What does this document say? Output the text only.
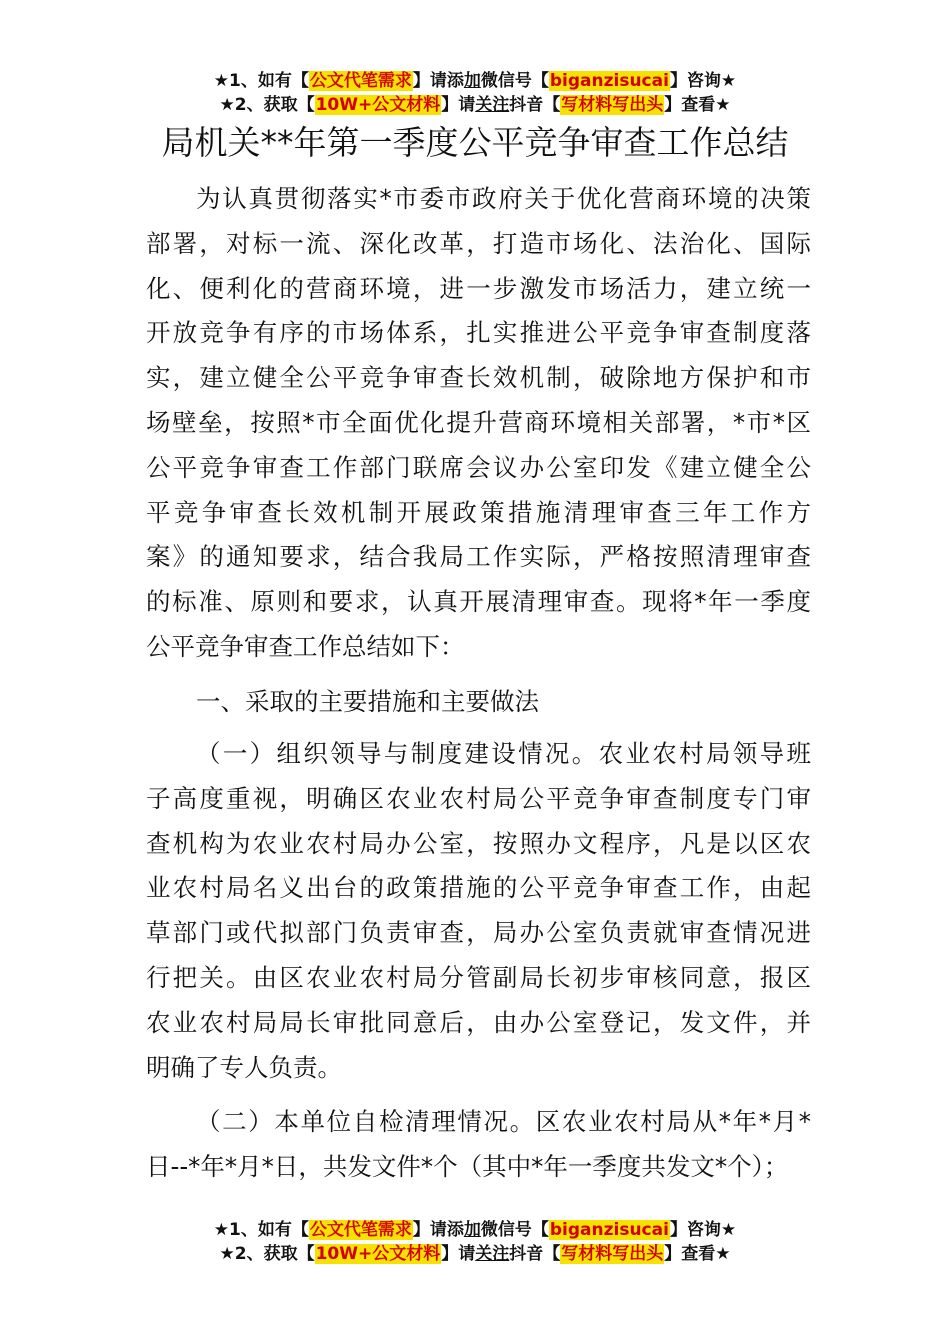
★1、如有【公文代笔需求】请添加微信号【biganzisucai】咨询★
★2、获取【10W+公文材料】请关注抖音【写材料写出头】查看★
局机关**年第一季度公平竞争审查工作总结
为认真贯彻落实*市委市政府关于优化营商环境的决策
部署，对标一流、深化改革，打造市场化、法治化、国际
化、便利化的营商环境，进一步激发市场活力，建立统一
开放竞争有序的市场体系，扎实推进公平竞争审查制度落
实，建立健全公平竞争审查长效机制，破除地方保护和市
场壁垒，按照*市全面优化提升营商环境相关部署，*市*区
公平竞争审查工作部门联席会议办公室印发《建立健全公
平竞争审查长效机制开展政策措施清理审查三年工作方
案》的通知要求，结合我局工作实际，严格按照清理审查
的标准、原则和要求，认真开展清理审查。现将*年一季度
公平竞争审查工作总结如下：
一、采取的主要措施和主要做法
（一）组织领导与制度建设情况。农业农村局领导班
子高度重视，明确区农业农村局公平竞争审查制度专门审
查机构为农业农村局办公室，按照办文程序，凡是以区农
业农村局名义出台的政策措施的公平竞争审查工作，由起
草部门或代拟部门负责审查，局办公室负责就审查情况进
行把关。由区农业农村局分管副局长初步审核同意，报区
农业农村局局长审批同意后，由办公室登记，发文件，并
明确了专人负责。
（二）本单位自检清理情况。区农业农村局从*年*月*
日--*年*月*日，共发文件*个（其中*年一季度共发文*个）；
★1、如有【公文代笔需求】请添加微信号【biganzisucai】咨询★
★2、获取【10W+公文材料】请关注抖音【写材料写出头】查看★
